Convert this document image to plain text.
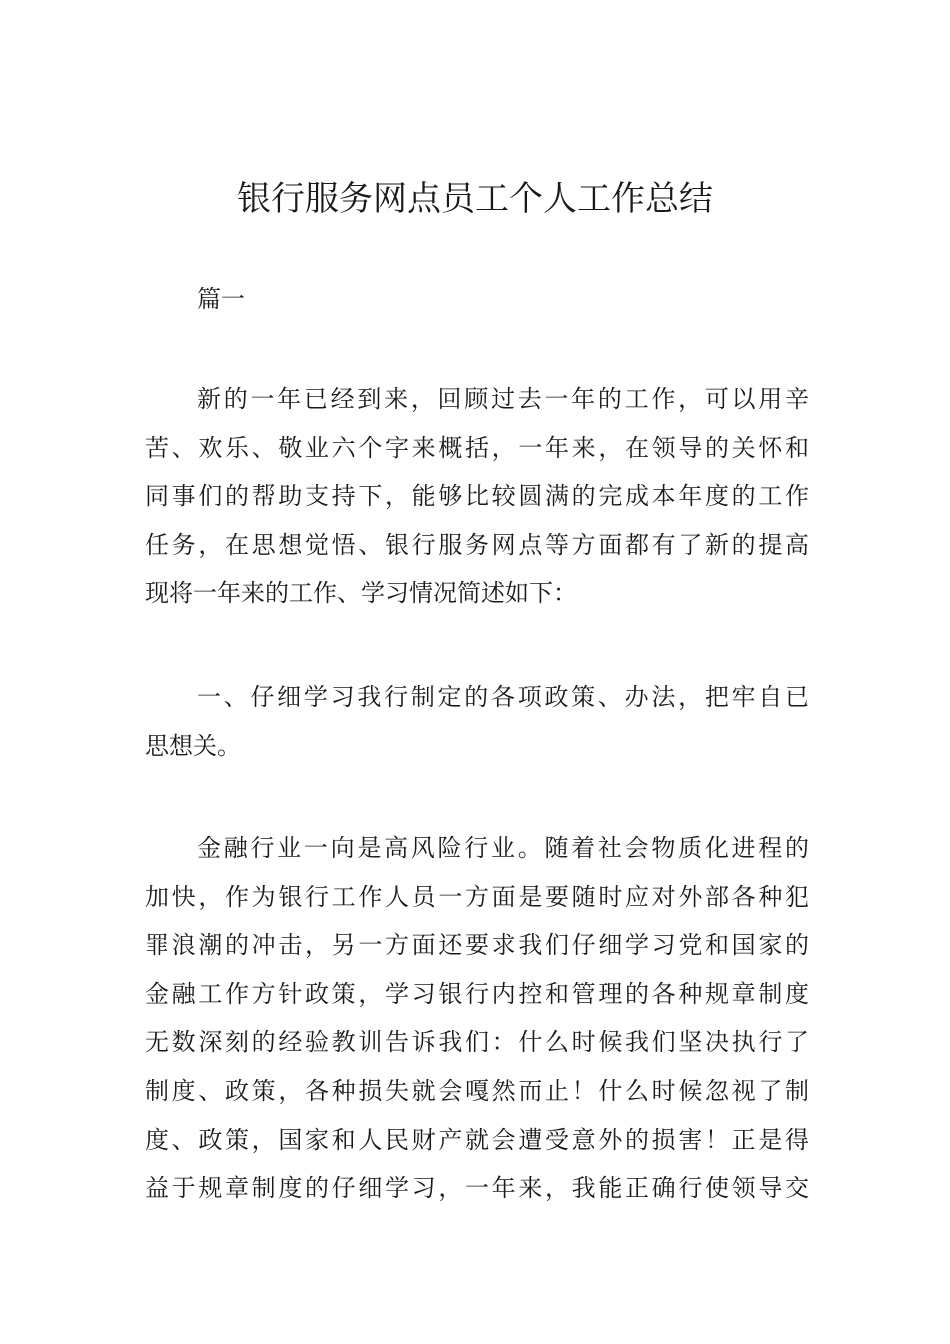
银行服务网点员工个人工作总结

篇一

新的一年已经到来，回顾过去一年的工作，可以用辛
苦、欢乐、敬业六个字来概括，一年来，在领导的关怀和
同事们的帮助支持下，能够比较圆满的完成本年度的工作
任务，在思想觉悟、银行服务网点等方面都有了新的提高
现将一年来的工作、学习情况简述如下：
一、仔细学习我行制定的各项政策、办法，把牢自已
思想关。
金融行业一向是高风险行业。随着社会物质化进程的
加快，作为银行工作人员一方面是要随时应对外部各种犯
罪浪潮的冲击，另一方面还要求我们仔细学习党和国家的
金融工作方针政策，学习银行内控和管理的各种规章制度
无数深刻的经验教训告诉我们：什么时候我们坚决执行了
制度、政策，各种损失就会嘎然而止！什么时候忽视了制
度、政策，国家和人民财产就会遭受意外的损害！正是得
益于规章制度的仔细学习，一年来，我能正确行使领导交
